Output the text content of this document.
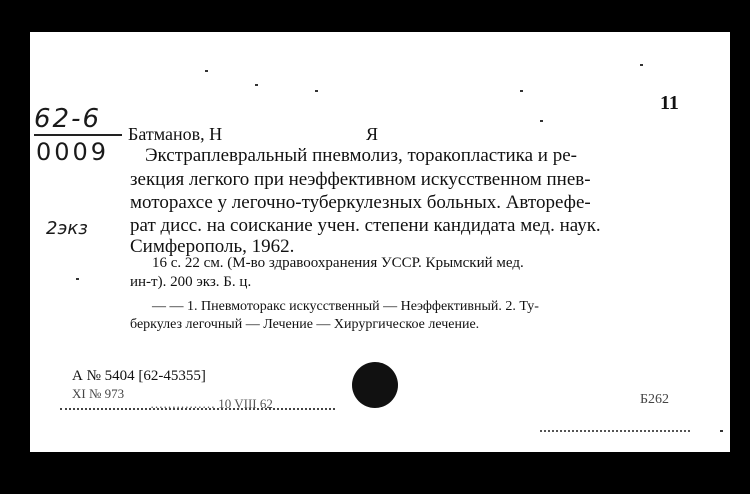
11
62-6
0009
2экз
Батманов, Н	Я
Экстраплевральный пневмолиз, торакопластика и ре-
зекция легкого при неэффективном искусственном пнев-
моторахсе у легочно-туберкулезных больных. Авторефе-
рат дисс. на соискание учен. степени кандидата мед. наук.
Симферополь, 1962.
16 с. 22 см. (М-во здравоохранения УССР. Крымский мед.
ин-т). 200 экз. Б. ц.
— — 1. Пневмоторакс искусственный — Неэффективный. 2. Ту-
беркулез легочный — Лечение — Хирургическое лечение.
А № 5404 [62-45355]
XI № 973
…………… 10 VIII 62	Б262
